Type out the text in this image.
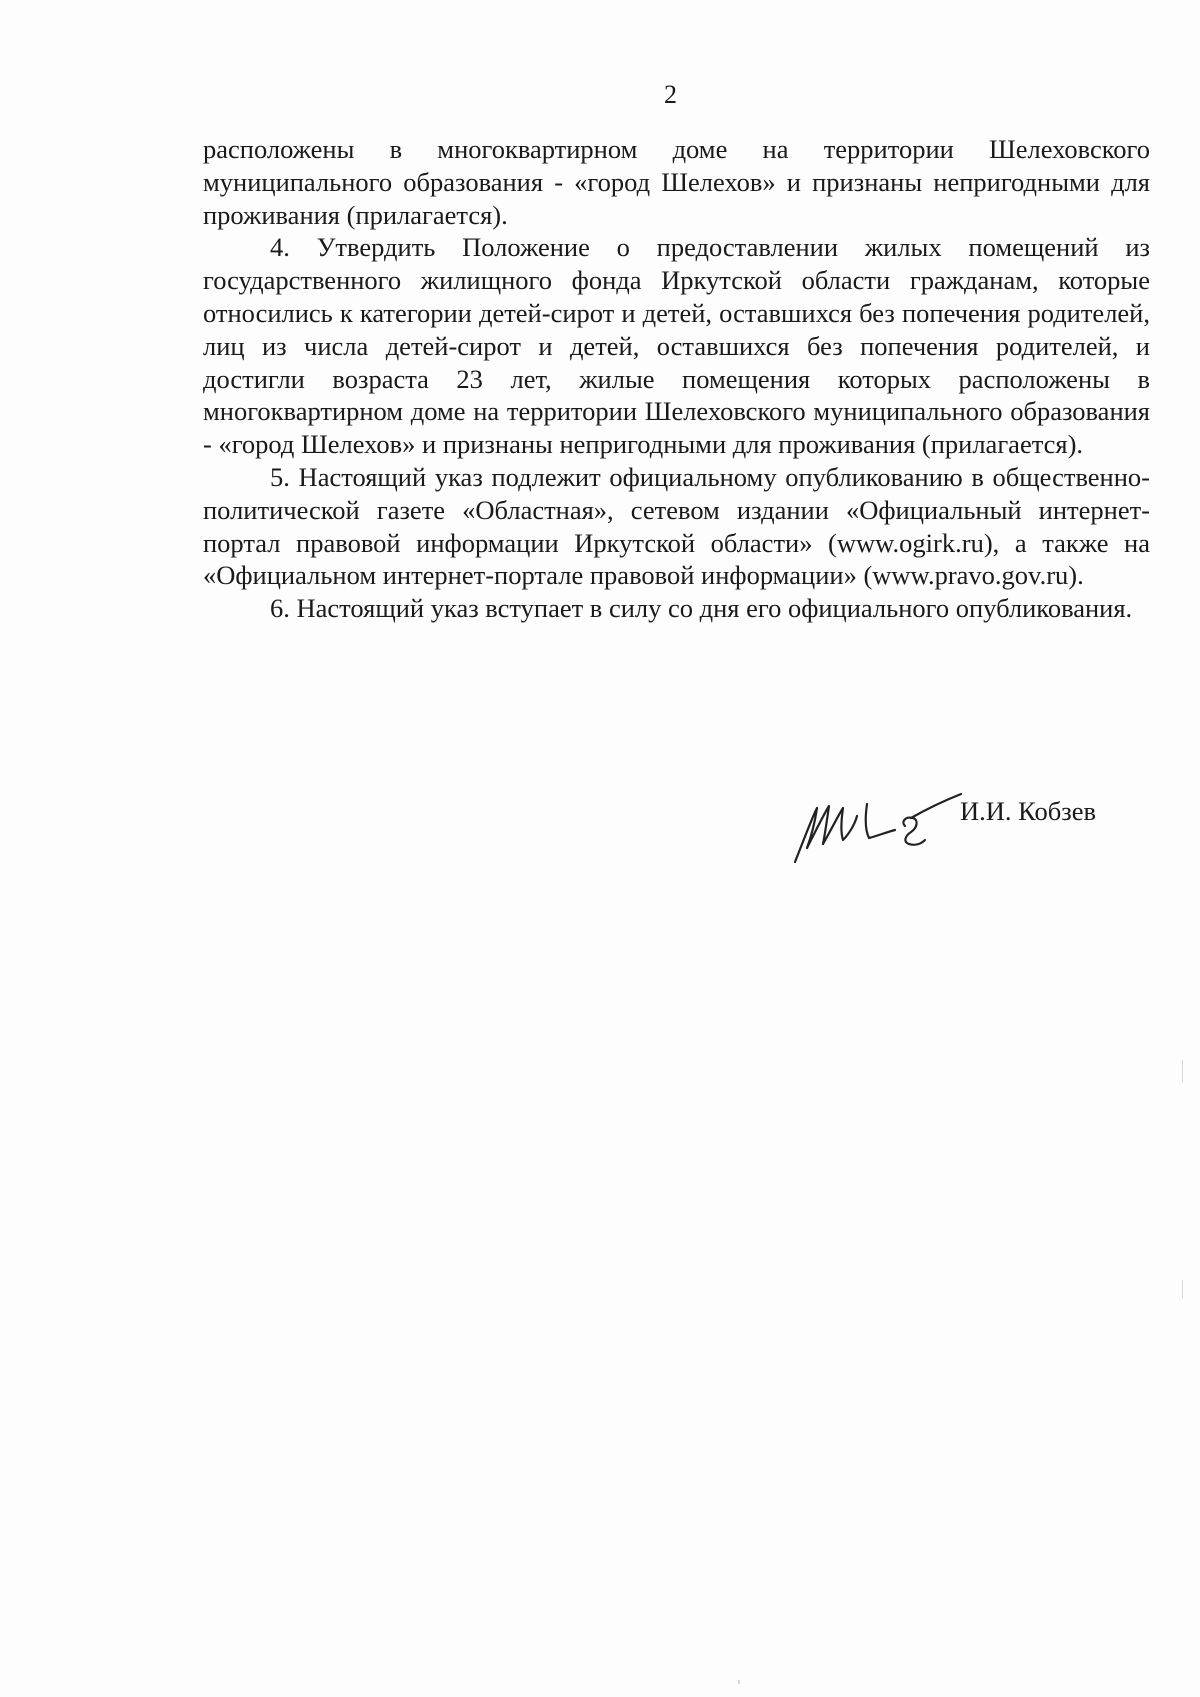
2

расположены в многоквартирном доме на территории Шелеховского муниципального образования - «город Шелехов» и признаны непригодными для проживания (прилагается).

4. Утвердить Положение о предоставлении жилых помещений из государственного жилищного фонда Иркутской области гражданам, которые относились к категории детей-сирот и детей, оставшихся без попечения родителей, лиц из числа детей-сирот и детей, оставшихся без попечения родителей, и достигли возраста 23 лет, жилые помещения которых расположены в многоквартирном доме на территории Шелеховского муниципального образования - «город Шелехов» и признаны непригодными для проживания (прилагается).

5. Настоящий указ подлежит официальному опубликованию в общественно-политической газете «Областная», сетевом издании «Официальный интернет-портал правовой информации Иркутской области» (www.ogirk.ru), а также на «Официальном интернет-портале правовой информации» (www.pravo.gov.ru).

6. Настоящий указ вступает в силу со дня его официального опубликования.

И.И. Кобзев
